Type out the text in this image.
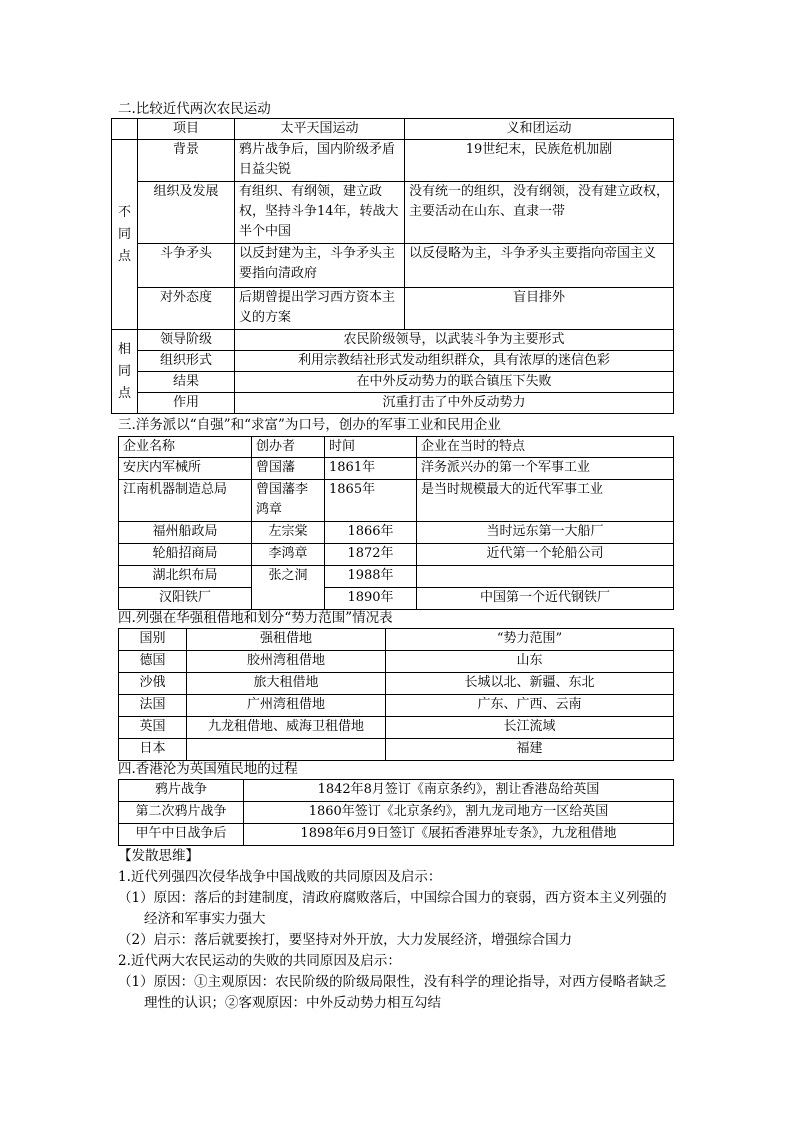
二.比较近代两次农民运动
	项目	太平天国运动	义和团运动
不
同
点	背景	鸦片战争后，国内阶级矛盾日益尖锐	19世纪末，民族危机加剧
	组织及发展	有组织、有纲领，建立政权，坚持斗争14年，转战大半个中国	没有统一的组织，没有纲领，没有建立政权，主要活动在山东、直隶一带
	斗争矛头	以反封建为主，斗争矛头主要指向清政府	以反侵略为主，斗争矛头主要指向帝国主义
	对外态度	后期曾提出学习西方资本主义的方案	盲目排外
相
同
点	领导阶级	农民阶级领导，以武装斗争为主要形式	
	组织形式	利用宗教结社形式发动组织群众，具有浓厚的迷信色彩	
	结果	在中外反动势力的联合镇压下失败	
	作用	沉重打击了中外反动势力	
三.洋务派以“自强”和“求富”为口号，创办的军事工业和民用企业
企业名称	创办者	时间	企业在当时的特点
安庆内军械所	曾国藩	1861年	洋务派兴办的第一个军事工业
江南机器制造总局	曾国藩李鸿章	1865年	是当时规模最大的近代军事工业
福州船政局	左宗棠	1866年	当时远东第一大船厂
轮船招商局	李鸿章	1872年	近代第一个轮船公司
湖北织布局	张之洞	1988年	
汉阳铁厂		1890年	中国第一个近代钢铁厂
四.列强在华强租借地和划分“势力范围”情况表
国别	强租借地	“势力范围”
德国	胶州湾租借地	山东
沙俄	旅大租借地	长城以北、新疆、东北
法国	广州湾租借地	广东、广西、云南
英国	九龙租借地、威海卫租借地	长江流域
日本		福建
四.香港沦为英国殖民地的过程
鸦片战争	1842年8月签订《南京条约》，割让香港岛给英国
第二次鸦片战争	1860年签订《北京条约》，割九龙司地方一区给英国
甲午中日战争后	1898年6月9日签订《展拓香港界址专条》，九龙租借地

【发散思维】

1.近代列强四次侵华战争中国战败的共同原因及启示：

（1）原因：落后的封建制度，清政府腐败落后，中国综合国力的衰弱，西方资本主义列强的经济和军事实力强大

（2）启示：落后就要挨打，要坚持对外开放，大力发展经济，增强综合国力

2.近代两大农民运动的失败的共同原因及启示：

（1）原因：①主观原因：农民阶级的阶级局限性，没有科学的理论指导，对西方侵略者缺乏理性的认识；②客观原因：中外反动势力相互勾结
